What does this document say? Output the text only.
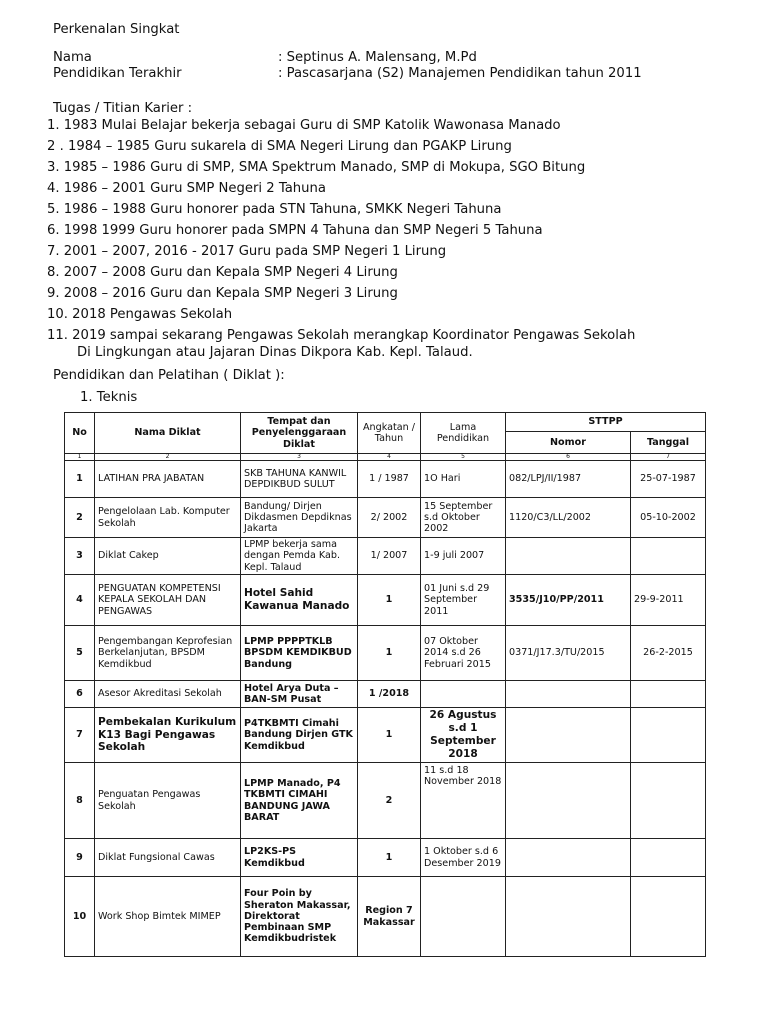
Perkenalan Singkat
Nama	: Septinus A. Malensang, M.Pd
Pendidikan Terakhir	: Pascasarjana (S2) Manajemen Pendidikan tahun 2011
Tugas / Titian Karier :
1. 1983 Mulai Belajar bekerja sebagai Guru di SMP Katolik Wawonasa Manado
2 . 1984 – 1985 Guru sukarela di SMA Negeri Lirung dan PGAKP Lirung
3. 1985 – 1986 Guru di SMP, SMA Spektrum Manado, SMP di Mokupa, SGO Bitung
4. 1986 – 2001 Guru SMP Negeri 2 Tahuna
5. 1986 – 1988 Guru honorer pada STN Tahuna, SMKK Negeri Tahuna
6. 1998 1999 Guru honorer pada SMPN 4 Tahuna dan SMP Negeri 5 Tahuna
7. 2001 – 2007, 2016 - 2017 Guru pada SMP Negeri 1 Lirung
8. 2007 – 2008 Guru dan Kepala SMP Negeri 4 Lirung
9. 2008 – 2016 Guru dan Kepala SMP Negeri 3 Lirung
10. 2018 Pengawas Sekolah
11. 2019 sampai sekarang Pengawas Sekolah merangkap Koordinator Pengawas Sekolah
Di Lingkungan atau Jajaran Dinas Dikpora Kab. Kepl. Talaud.
Pendidikan dan Pelatihan ( Diklat ):
1. Teknis
No	Nama Diklat	Tempat dan Penyelenggaraan Diklat	Angkatan / Tahun	Lama Pendidikan	STTPP	
					Nomor	Tanggal
1	2	3	4	5	6	7
1	LATIHAN PRA JABATAN	SKB TAHUNA KANWIL DEPDIKBUD SULUT	1 / 1987	1O Hari	082/LPJ/II/1987	25-07-1987
2	Pengelolaan Lab. Komputer Sekolah	Bandung/ Dirjen Dikdasmen Depdiknas Jakarta	2/ 2002	15 September s.d Oktober 2002	1120/C3/LL/2002	05-10-2002
3	Diklat Cakep	LPMP bekerja sama dengan Pemda Kab. Kepl. Talaud	1/ 2007	1-9 juli 2007		
4	PENGUATAN KOMPETENSI KEPALA SEKOLAH DAN PENGAWAS	Hotel Sahid Kawanua Manado	1	01 Juni s.d 29 September 2011	3535/J10/PP/2011	29-9-2011
5	Pengembangan Keprofesian Berkelanjutan, BPSDM Kemdikbud	LPMP PPPPTKLB BPSDM KEMDIKBUD Bandung	1	07 Oktober 2014 s.d 26 Februari 2015	0371/J17.3/TU/2015	26-2-2015
6	Asesor Akreditasi Sekolah	Hotel Arya Duta – BAN-SM Pusat	1 /2018			
7	Pembekalan Kurikulum K13 Bagi Pengawas Sekolah	P4TKBMTI Cimahi Bandung Dirjen GTK Kemdikbud	1	26 Agustus s.d 1 September 2018		
8	Penguatan Pengawas Sekolah	LPMP Manado, P4 TKBMTI CIMAHI BANDUNG JAWA BARAT	2	11 s.d 18 November 2018		
9	Diklat Fungsional Cawas	LP2KS-PS Kemdikbud	1	1 Oktober s.d 6 Desember 2019		
10	Work Shop Bimtek MIMEP	Four Poin by Sheraton Makassar, Direktorat Pembinaan SMP Kemdikbudristek	Region 7 Makassar			
